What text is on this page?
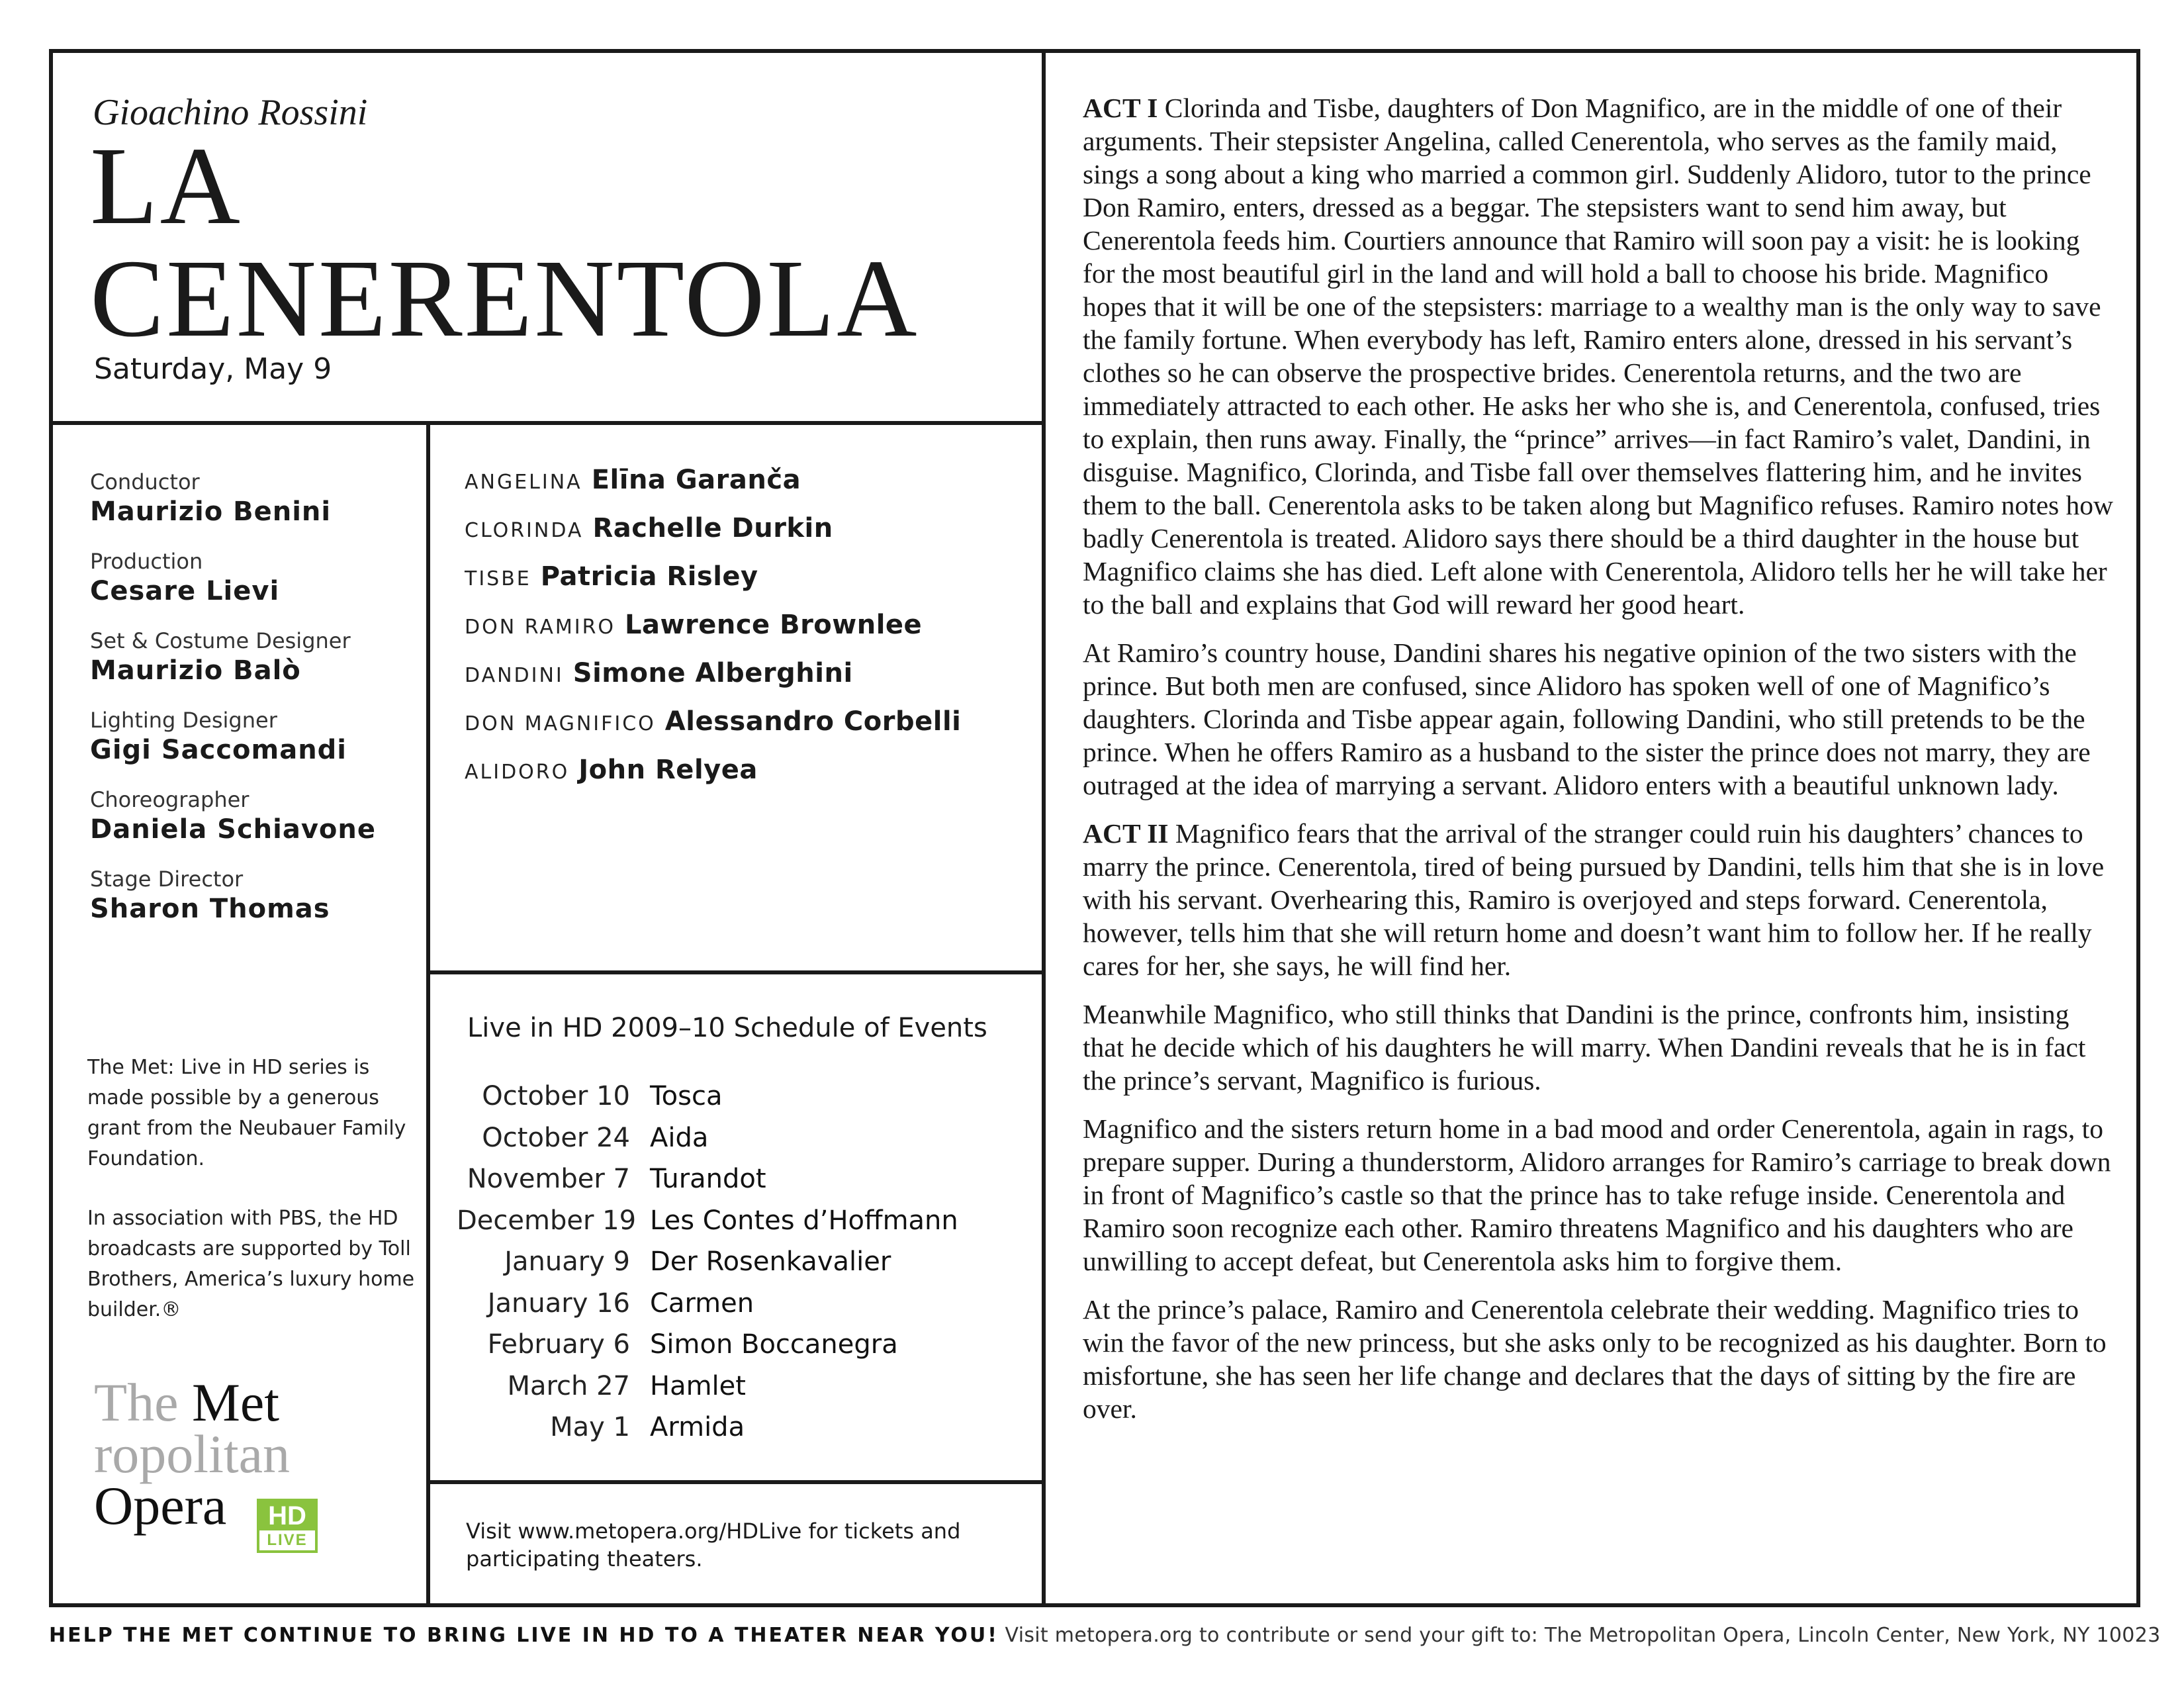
Gioachino Rossini
LA
CENERENTOLA
Saturday, May 9
Conductor
Maurizio Benini
Production
Cesare Lievi
Set & Costume Designer
Maurizio Balò
Lighting Designer
Gigi Saccomandi
Choreographer
Daniela Schiavone
Stage Director
Sharon Thomas

The Met: Live in HD series is made possible by a generous grant from the Neubauer Family Foundation.

In association with PBS, the HD broadcasts are supported by Toll Brothers, America’s luxury home builder.®

The Met
ropolitan
Opera	HD
LIVE
ANGELINA Elīna Garanča
CLORINDA Rachelle Durkin
TISBE Patricia Risley
DON RAMIRO Lawrence Brownlee
DANDINI Simone Alberghini
DON MAGNIFICO Alessandro Corbelli
ALIDORO John Relyea
Live in HD 2009–10 Schedule of Events
October 10 Tosca
October 24 Aida
November 7 Turandot
December 19 Les Contes d’Hoffmann
January 9 Der Rosenkavalier
January 16 Carmen
February 6 Simon Boccanegra
March 27 Hamlet
May 1 Armida
Visit www.metopera.org/HDLive for tickets and participating theaters.

ACT I Clorinda and Tisbe, daughters of Don Magnifico, are in the middle of one of their arguments. Their stepsister Angelina, called Cenerentola, who serves as the family maid, sings a song about a king who married a common girl. Suddenly Alidoro, tutor to the prince Don Ramiro, enters, dressed as a beggar. The stepsisters want to send him away, but Cenerentola feeds him. Courtiers announce that Ramiro will soon pay a visit: he is looking for the most beautiful girl in the land and will hold a ball to choose his bride. Magnifico hopes that it will be one of the stepsisters: marriage to a wealthy man is the only way to save the family fortune. When everybody has left, Ramiro enters alone, dressed in his servant’s clothes so he can observe the prospective brides. Cenerentola returns, and the two are immediately attracted to each other. He asks her who she is, and Cenerentola, confused, tries to explain, then runs away. Finally, the “prince” arrives—in fact Ramiro’s valet, Dandini, in disguise. Magnifico, Clorinda, and Tisbe fall over themselves flattering him, and he invites them to the ball. Cenerentola asks to be taken along but Magnifico refuses. Ramiro notes how badly Cenerentola is treated. Alidoro says there should be a third daughter in the house but Magnifico claims she has died. Left alone with Cenerentola, Alidoro tells her he will take her to the ball and explains that God will reward her good heart.

At Ramiro’s country house, Dandini shares his negative opinion of the two sisters with the prince. But both men are confused, since Alidoro has spoken well of one of Magnifico’s daughters. Clorinda and Tisbe appear again, following Dandini, who still pretends to be the prince. When he offers Ramiro as a husband to the sister the prince does not marry, they are outraged at the idea of marrying a servant. Alidoro enters with a beautiful unknown lady.

ACT II Magnifico fears that the arrival of the stranger could ruin his daughters’ chances to marry the prince. Cenerentola, tired of being pursued by Dandini, tells him that she is in love with his servant. Overhearing this, Ramiro is overjoyed and steps forward. Cenerentola, however, tells him that she will return home and doesn’t want him to follow her. If he really cares for her, she says, he will find her.

Meanwhile Magnifico, who still thinks that Dandini is the prince, confronts him, insisting that he decide which of his daughters he will marry. When Dandini reveals that he is in fact the prince’s servant, Magnifico is furious.

Magnifico and the sisters return home in a bad mood and order Cenerentola, again in rags, to prepare supper. During a thunderstorm, Alidoro arranges for Ramiro’s carriage to break down in front of Magnifico’s castle so that the prince has to take refuge inside. Cenerentola and Ramiro soon recognize each other. Ramiro threatens Magnifico and his daughters who are unwilling to accept defeat, but Cenerentola asks him to forgive them.

At the prince’s palace, Ramiro and Cenerentola celebrate their wedding. Magnifico tries to win the favor of the new princess, but she asks only to be recognized as his daughter. Born to misfortune, she has seen her life change and declares that the days of sitting by the fire are over.

HELP THE MET CONTINUE TO BRING LIVE IN HD TO A THEATER NEAR YOU! Visit metopera.org to contribute or send your gift to: The Metropolitan Opera, Lincoln Center, New York, NY 10023
